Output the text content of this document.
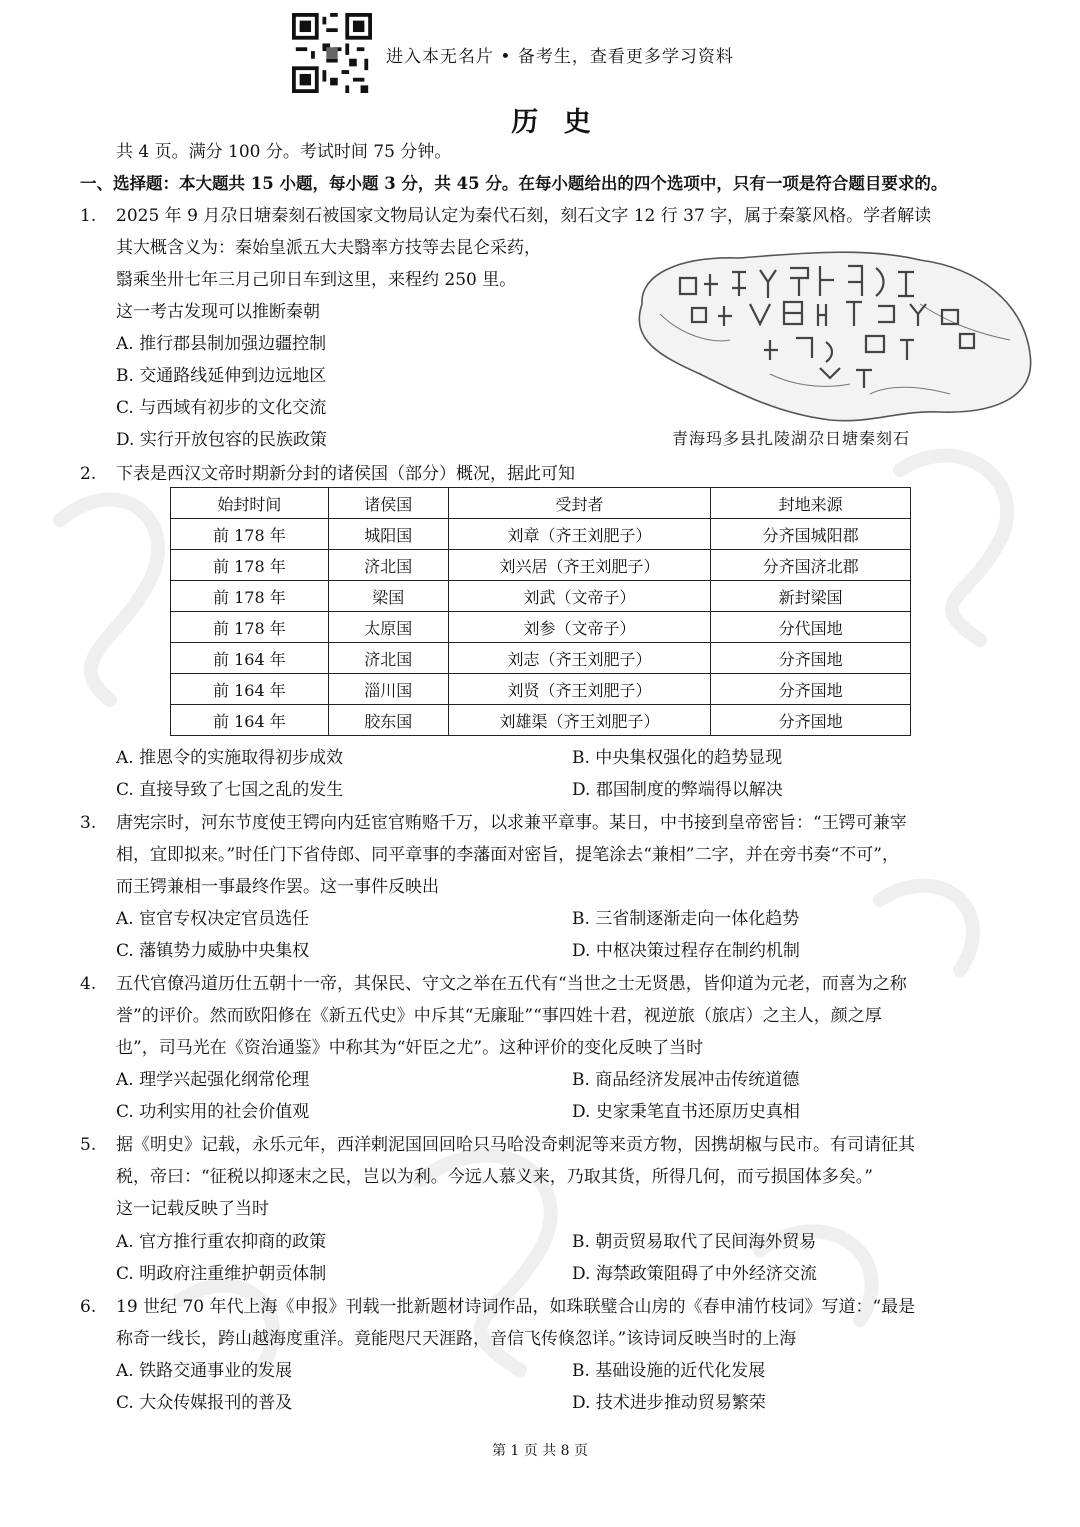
进入本无名片 • 备考生，查看更多学习资料
历 史
共 4 页。满分 100 分。考试时间 75 分钟。
一、选择题：本大题共 15 小题，每小题 3 分，共 45 分。在每小题给出的四个选项中，只有一项是符合题目要求的。
1. 2025 年 9 月尕日塘秦刻石被国家文物局认定为秦代石刻，刻石文字 12 行 37 字，属于秦篆风格。学者解读
其大概含义为：秦始皇派五大夫翳率方技等去昆仑采药，
翳乘坐卅七年三月己卯日车到这里，来程约 250 里。
这一考古发现可以推断秦朝
A. 推行郡县制加强边疆控制
B. 交通路线延伸到边远地区
C. 与西域有初步的文化交流
D. 实行开放包容的民族政策	青海玛多县扎陵湖尕日塘秦刻石
2. 下表是西汉文帝时期新分封的诸侯国（部分）概况，据此可知
始封时间	诸侯国	受封者	封地来源
前 178 年	城阳国	刘章（齐王刘肥子）	分齐国城阳郡
前 178 年	济北国	刘兴居（齐王刘肥子）	分齐国济北郡
前 178 年	梁国	刘武（文帝子）	新封梁国
前 178 年	太原国	刘参（文帝子）	分代国地
前 164 年	济北国	刘志（齐王刘肥子）	分齐国地
前 164 年	淄川国	刘贤（齐王刘肥子）	分齐国地
前 164 年	胶东国	刘雄渠（齐王刘肥子）	分齐国地
A. 推恩令的实施取得初步成效	B. 中央集权强化的趋势显现
C. 直接导致了七国之乱的发生	D. 郡国制度的弊端得以解决
3. 唐宪宗时，河东节度使王锷向内廷宦官贿赂千万，以求兼平章事。某日，中书接到皇帝密旨：“王锷可兼宰
相，宜即拟来。”时任门下省侍郎、同平章事的李藩面对密旨，提笔涂去“兼相”二字，并在旁书奏“不可”，
而王锷兼相一事最终作罢。这一事件反映出
A. 宦官专权决定官员选任	B. 三省制逐渐走向一体化趋势
C. 藩镇势力威胁中央集权	D. 中枢决策过程存在制约机制
4. 五代官僚冯道历仕五朝十一帝，其保民、守文之举在五代有“当世之士无贤愚，皆仰道为元老，而喜为之称
誉”的评价。然而欧阳修在《新五代史》中斥其“无廉耻”“事四姓十君，视逆旅（旅店）之主人，颜之厚
也”，司马光在《资治通鉴》中称其为“奸臣之尤”。这种评价的变化反映了当时
A. 理学兴起强化纲常伦理	B. 商品经济发展冲击传统道德
C. 功利实用的社会价值观	D. 史家秉笔直书还原历史真相
5. 据《明史》记载，永乐元年，西洋剌泥国回回哈只马哈没奇剌泥等来贡方物，因携胡椒与民市。有司请征其
税，帝曰：“征税以抑逐末之民，岂以为利。今远人慕义来，乃取其货，所得几何，而亏损国体多矣。”
这一记载反映了当时
A. 官方推行重农抑商的政策	B. 朝贡贸易取代了民间海外贸易
C. 明政府注重维护朝贡体制	D. 海禁政策阻碍了中外经济交流
6. 19 世纪 70 年代上海《申报》刊载一批新题材诗词作品，如珠联璧合山房的《春申浦竹枝词》写道：“最是
称奇一线长，跨山越海度重洋。竟能咫尺天涯路，音信飞传倏忽详。”该诗词反映当时的上海
A. 铁路交通事业的发展	B. 基础设施的近代化发展
C. 大众传媒报刊的普及	D. 技术进步推动贸易繁荣
第 1 页 共 8 页
